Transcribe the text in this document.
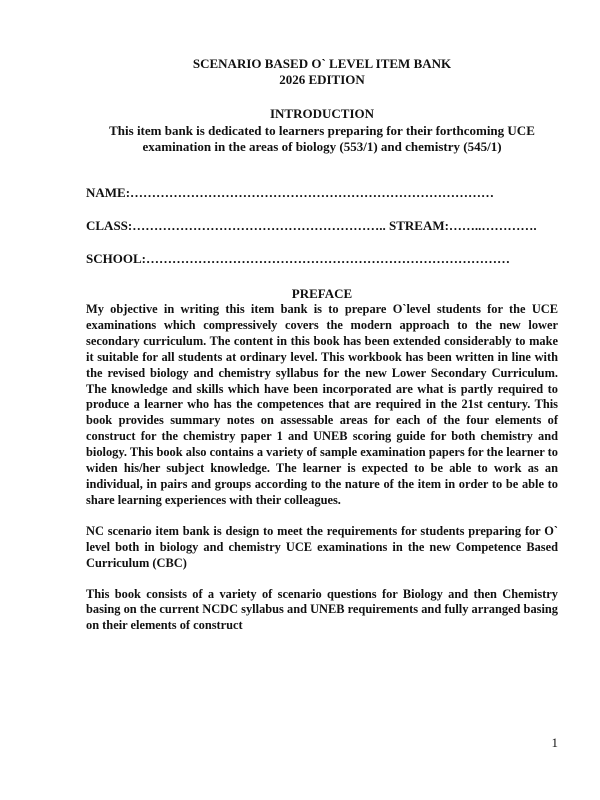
SCENARIO BASED O` LEVEL ITEM BANK

2026 EDITION

INTRODUCTION

This item bank is dedicated to learners preparing for their forthcoming UCE examination in the areas of biology (553/1) and chemistry (545/1)

NAME:…………………………………………………………………………

CLASS:………………………………………………….. STREAM:……..………….

SCHOOL:…………………………………………………………………………

PREFACE

My objective in writing this item bank is to prepare O`level students for the UCE examinations which compressively covers the modern approach to the new lower secondary curriculum. The content in this book has been extended considerably to make it suitable for all students at ordinary level. This workbook has been written in line with the revised biology and chemistry syllabus for the new Lower Secondary Curriculum. The knowledge and skills which have been incorporated are what is partly required to produce a learner who has the competences that are required in the 21st century. This book provides summary notes on assessable areas for each of the four elements of construct for the chemistry paper 1 and UNEB scoring guide for both chemistry and biology. This book also contains a variety of sample examination papers for the learner to widen his/her subject knowledge. The learner is expected to be able to work as an individual, in pairs and groups according to the nature of the item in order to be able to share learning experiences with their colleagues.

NC scenario item bank is design to meet the requirements for students preparing for O` level both in biology and chemistry UCE examinations in the new Competence Based Curriculum (CBC)

This book consists of a variety of scenario questions for Biology and then Chemistry basing on the current NCDC syllabus and UNEB requirements and fully arranged basing on their elements of construct

1
